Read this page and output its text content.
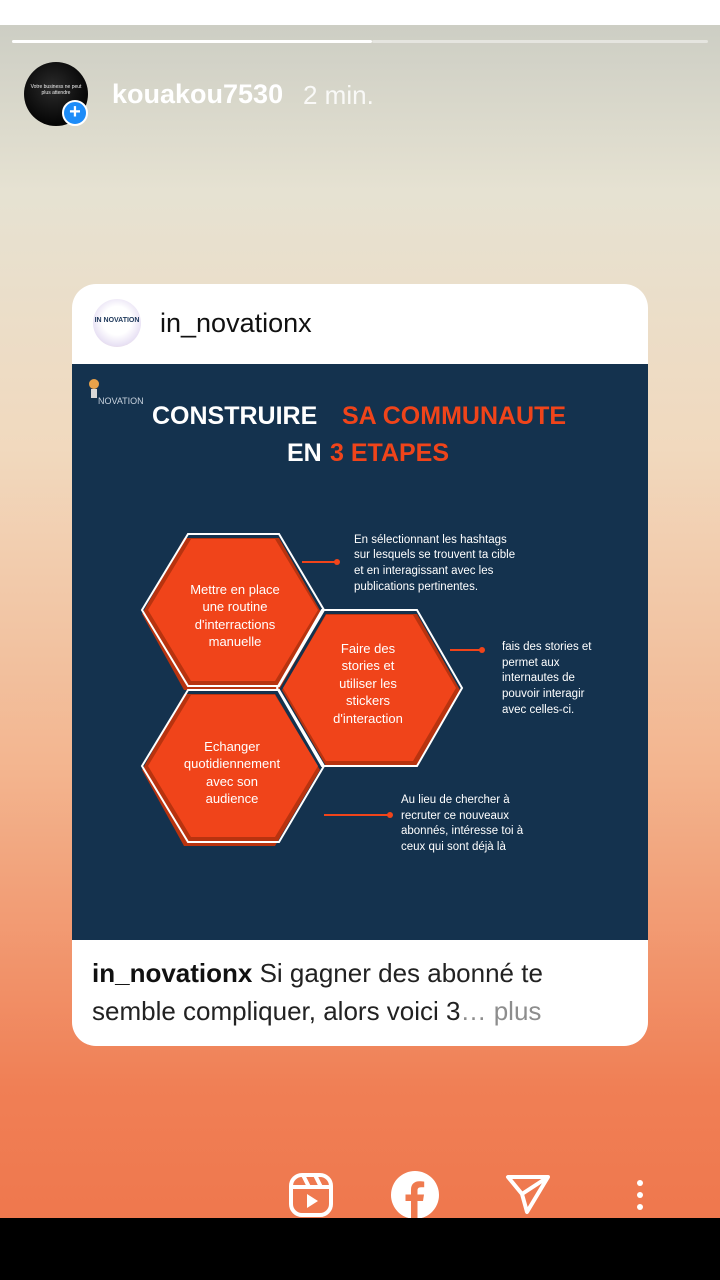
Votre business ne peut plus attendre
+
kouakou7530 2 min.
IN NOVATION in_novationx
NOVATION
CONSTRUIRE SA COMMUNAUTE
EN 3 ETAPES
Mettre en place
une routine
d'interractions
manuelle	Faire des
stories et
utiliser les
stickers
d'interaction
Echanger
quotidiennement
avec son
audience
En sélectionnant les hashtags
sur lesquels se trouvent ta cible
et en interagissant avec les
publications pertinentes.
fais des stories et
permet aux
internautes de
pouvoir interagir
avec celles-ci.
Au lieu de chercher à
recruter ce nouveaux
abonnés, intéresse toi à
ceux qui sont déjà là
in_novationx Si gagner des abonné te semble compliquer, alors voici 3… plus
